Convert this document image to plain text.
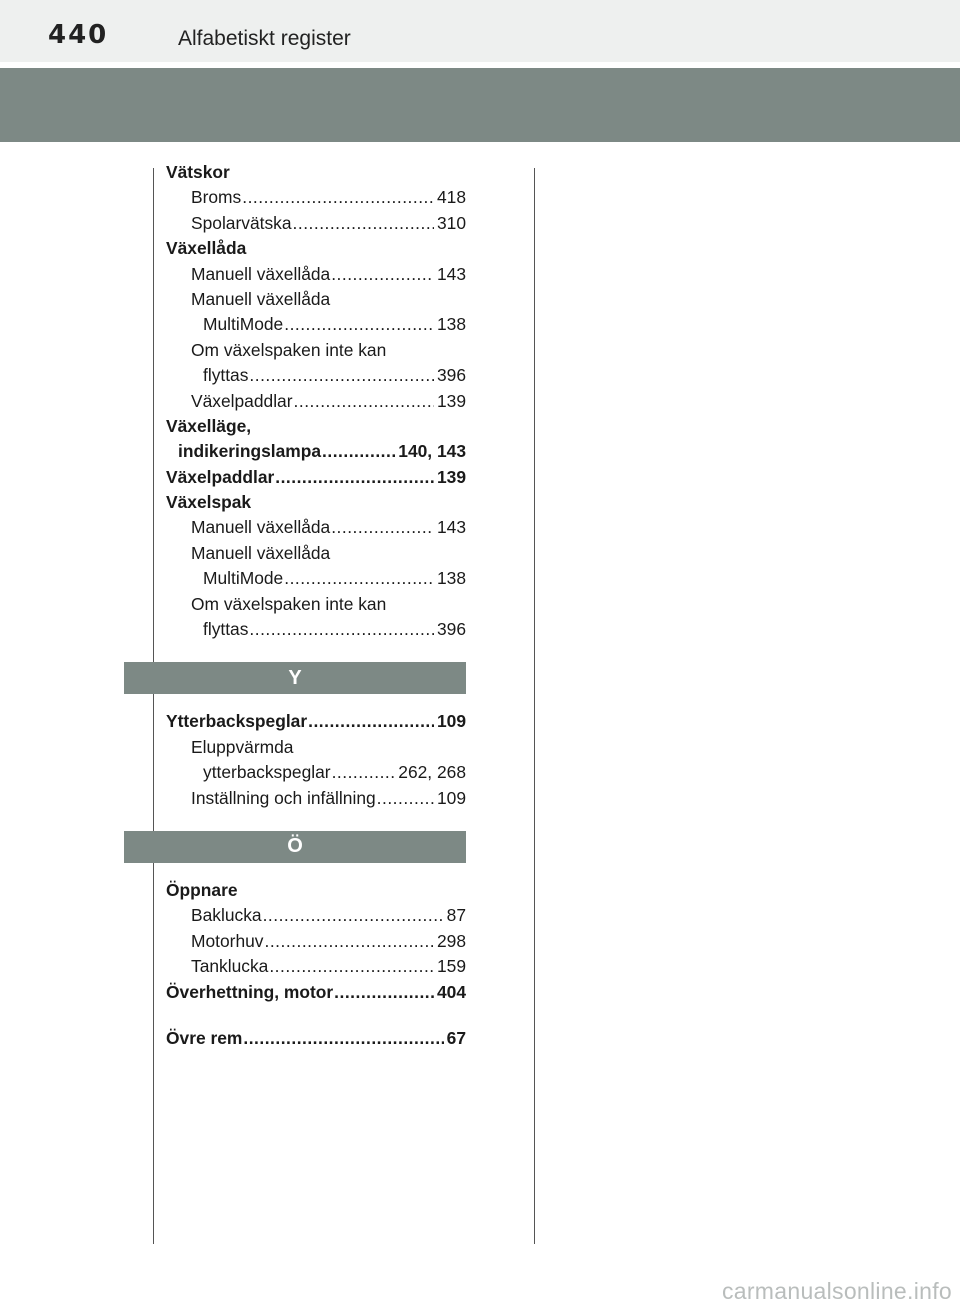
440	Alfabetiskt register
Vätskor
Broms .....	418
Spolarvätska .....	310
Växellåda
Manuell växellåda .....	143
Manuell växellåda
MultiMode .....	138
Om växelspaken inte kan
flyttas .....	396
Växelpaddlar .....	139
Växelläge,
indikeringslampa .....	140, 143
Växelpaddlar .....	139
Växelspak
Manuell växellåda .....	143
Manuell växellåda
MultiMode .....	138
Om växelspaken inte kan
flyttas .....	396
Y
Ytterbackspeglar .....	109
Eluppvärmda
ytterbackspeglar .....	262, 268
Inställning och infällning .....	109
Ö
Öppnare
Baklucka .....	87
Motorhuv .....	298
Tanklucka .....	159
Överhettning, motor .....	404
Övre rem .....	67
carmanualsonline.info
